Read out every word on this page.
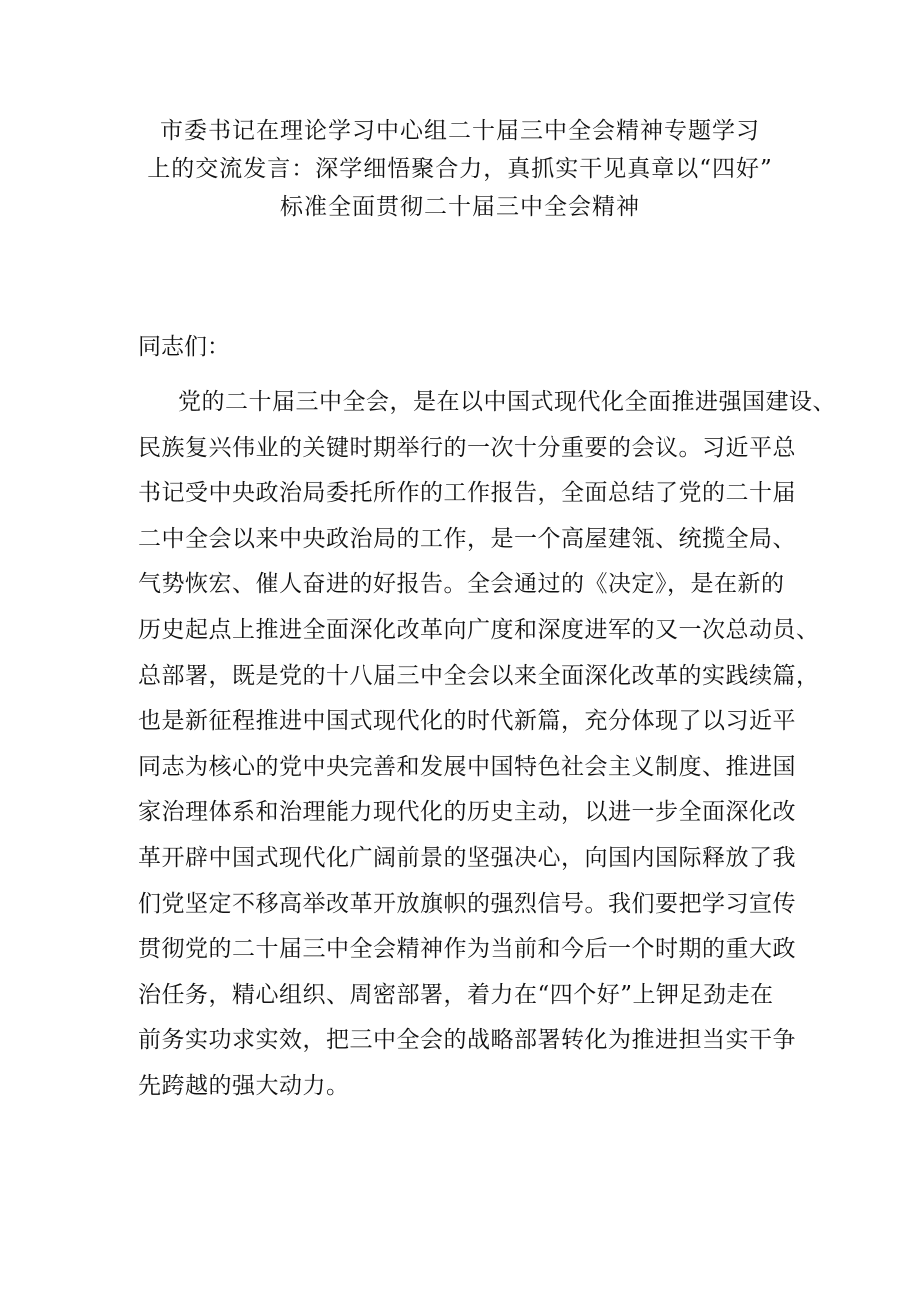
市委书记在理论学习中心组二十届三中全会精神专题学习
上的交流发言：深学细悟聚合力，真抓实干见真章以“四好”
标准全面贯彻二十届三中全会精神
同志们：
党的二十届三中全会，是在以中国式现代化全面推进强国建设、
民族复兴伟业的关键时期举行的一次十分重要的会议。习近平总
书记受中央政治局委托所作的工作报告，全面总结了党的二十届
二中全会以来中央政治局的工作，是一个高屋建瓴、统揽全局、
气势恢宏、催人奋进的好报告。全会通过的《决定》，是在新的
历史起点上推进全面深化改革向广度和深度进军的又一次总动员、
总部署，既是党的十八届三中全会以来全面深化改革的实践续篇，
也是新征程推进中国式现代化的时代新篇，充分体现了以习近平
同志为核心的党中央完善和发展中国特色社会主义制度、推进国
家治理体系和治理能力现代化的历史主动，以进一步全面深化改
革开辟中国式现代化广阔前景的坚强决心，向国内国际释放了我
们党坚定不移高举改革开放旗帜的强烈信号。我们要把学习宣传
贯彻党的二十届三中全会精神作为当前和今后一个时期的重大政
治任务，精心组织、周密部署，着力在“四个好”上钾足劲走在
前务实功求实效，把三中全会的战略部署转化为推进担当实干争
先跨越的强大动力。
